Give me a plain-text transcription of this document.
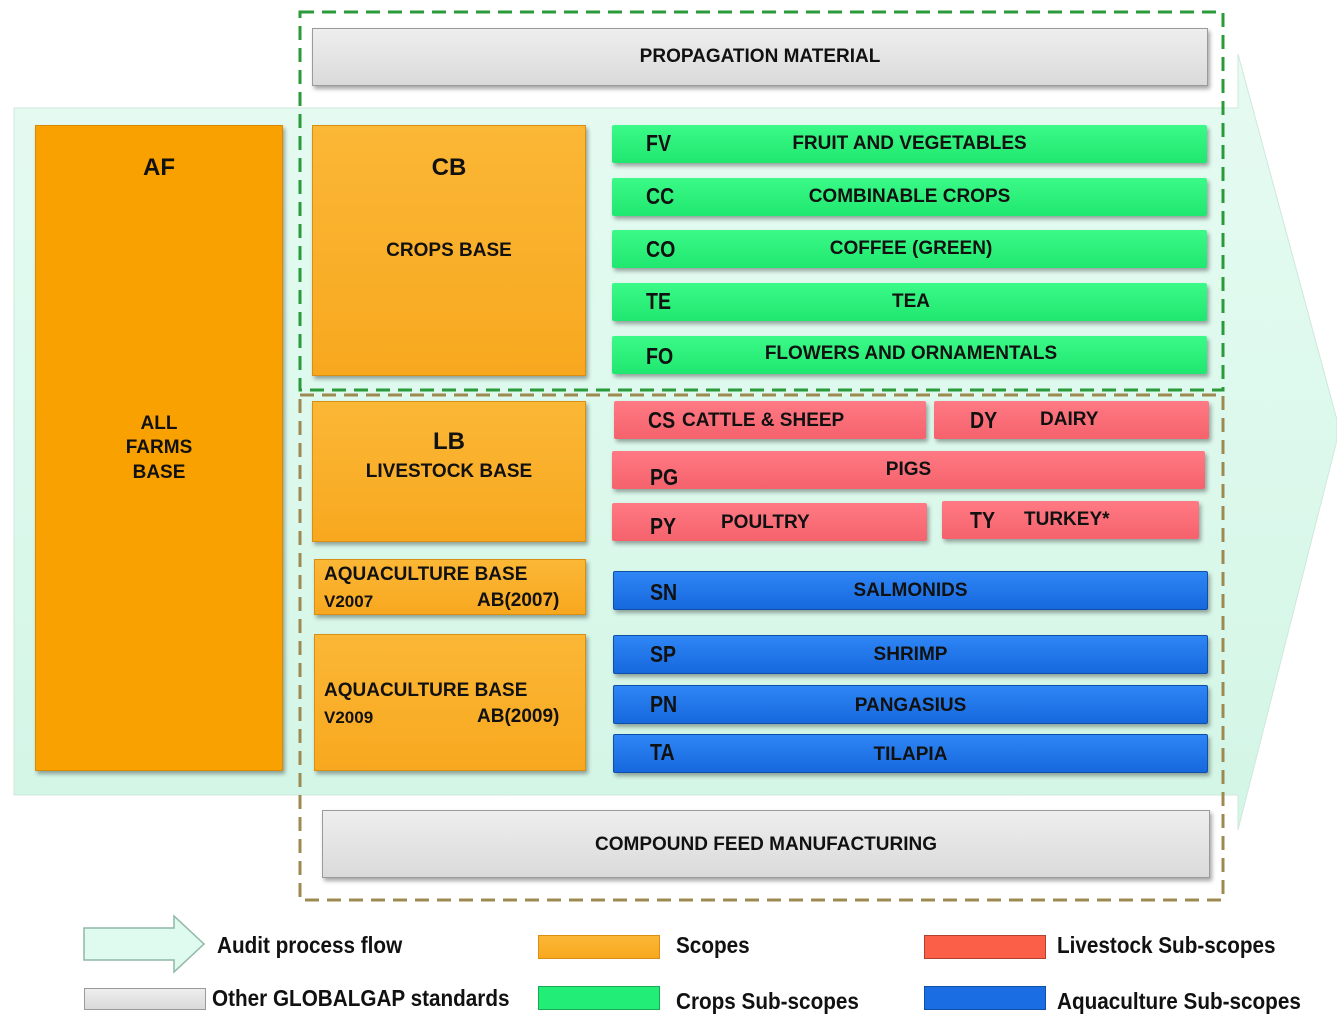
PROPAGATION MATERIAL
AF
ALL
FARMS
BASE
CB
CROPS BASE
FV	FRUIT AND VEGETABLES
CC	COMBINABLE CROPS
CO	COFFEE (GREEN)
TE	TEA
FO	FLOWERS AND ORNAMENTALS
LB
LIVESTOCK BASE
CS CATTLE & SHEEP	DY DAIRY
PG	PIGS
PY POULTRY	TY TURKEY*
AQUACULTURE BASE
V2007	AB(2007)
AQUACULTURE BASE
V2009	AB(2009)
SN	SALMONIDS
SP	SHRIMP
PN	PANGASIUS
TA	TILAPIA
COMPOUND FEED MANUFACTURING
Audit process flow	Scopes	Livestock Sub-scopes
Other GLOBALGAP standards	Crops Sub-scopes	Aquaculture Sub-scopes
